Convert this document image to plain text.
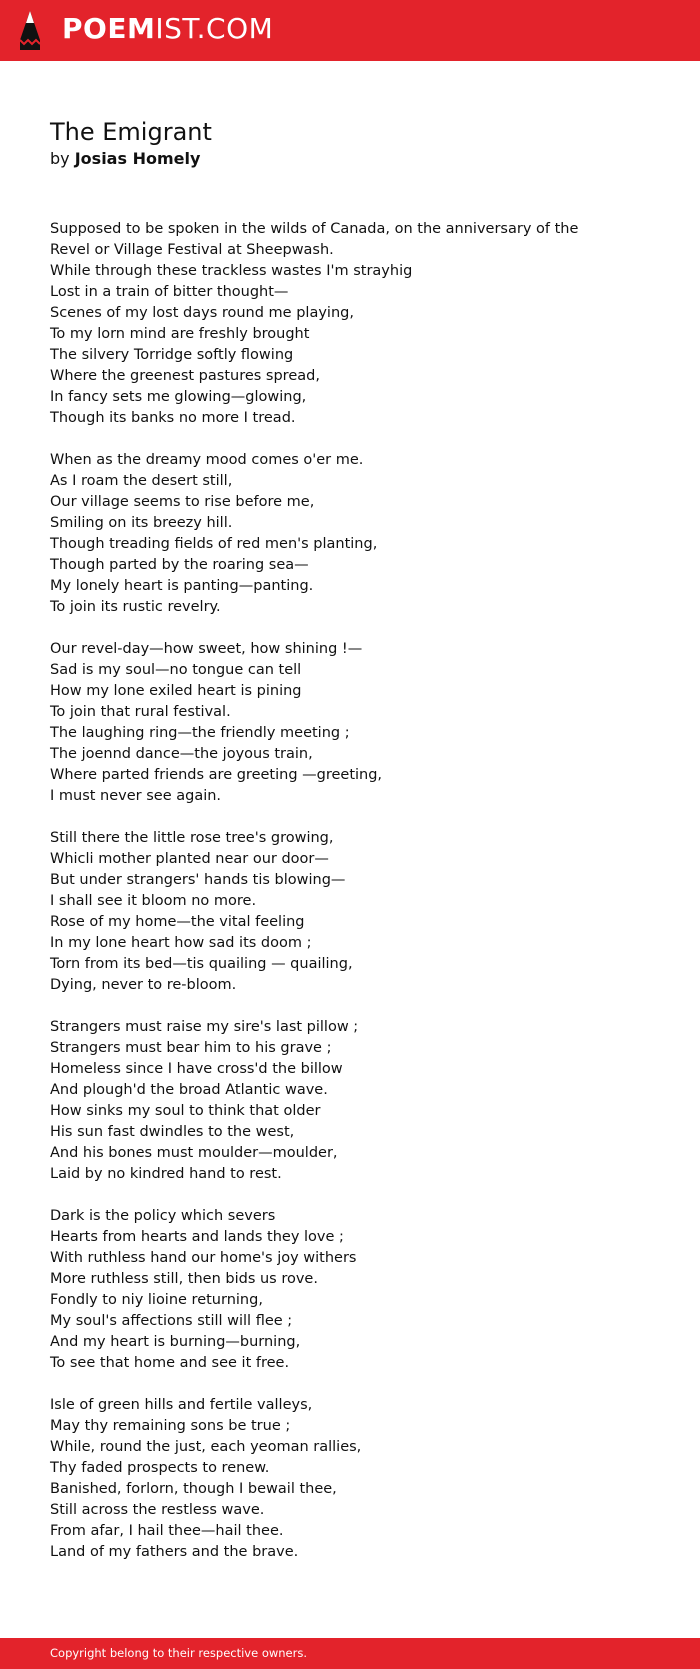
POEMIST.COM
The Emigrant
by Josias Homely
Supposed to be spoken in the wilds of Canada, on the anniversary of the
Revel or Village Festival at Sheepwash.
While through these trackless wastes I'm strayhig
Lost in a train of bitter thought—
Scenes of my lost days round me playing,
To my lorn mind are freshly brought
The silvery Torridge softly flowing
Where the greenest pastures spread,
In fancy sets me glowing—glowing,
Though its banks no more I tread.
When as the dreamy mood comes o'er me.
As I roam the desert still,
Our village seems to rise before me,
Smiling on its breezy hill.
Though treading fields of red men's planting,
Though parted by the roaring sea—
My lonely heart is panting—panting.
To join its rustic revelry.
Our revel-day—how sweet, how shining !—
Sad is my soul—no tongue can tell
How my lone exiled heart is pining
To join that rural festival.
The laughing ring—the friendly meeting ;
The joennd dance—the joyous train,
Where parted friends are greeting —greeting,
I must never see again.
Still there the little rose tree's growing,
Whicli mother planted near our door—
But under strangers' hands tis blowing—
I shall see it bloom no more.
Rose of my home—the vital feeling
In my lone heart how sad its doom ;
Torn from its bed—tis quailing — quailing,
Dying, never to re-bloom.
Strangers must raise my sire's last pillow ;
Strangers must bear him to his grave ;
Homeless since I have cross'd the billow
And plough'd the broad Atlantic wave.
How sinks my soul to think that older
His sun fast dwindles to the west,
And his bones must moulder—moulder,
Laid by no kindred hand to rest.
Dark is the policy which severs
Hearts from hearts and lands they love ;
With ruthless hand our home's joy withers
More ruthless still, then bids us rove.
Fondly to niy lioine returning,
My soul's affections still will flee ;
And my heart is burning—burning,
To see that home and see it free.
Isle of green hills and fertile valleys,
May thy remaining sons be true ;
While, round the just, each yeoman rallies,
Thy faded prospects to renew.
Banished, forlorn, though I bewail thee,
Still across the restless wave.
From afar, I hail thee—hail thee.
Land of my fathers and the brave.
Copyright belong to their respective owners.
